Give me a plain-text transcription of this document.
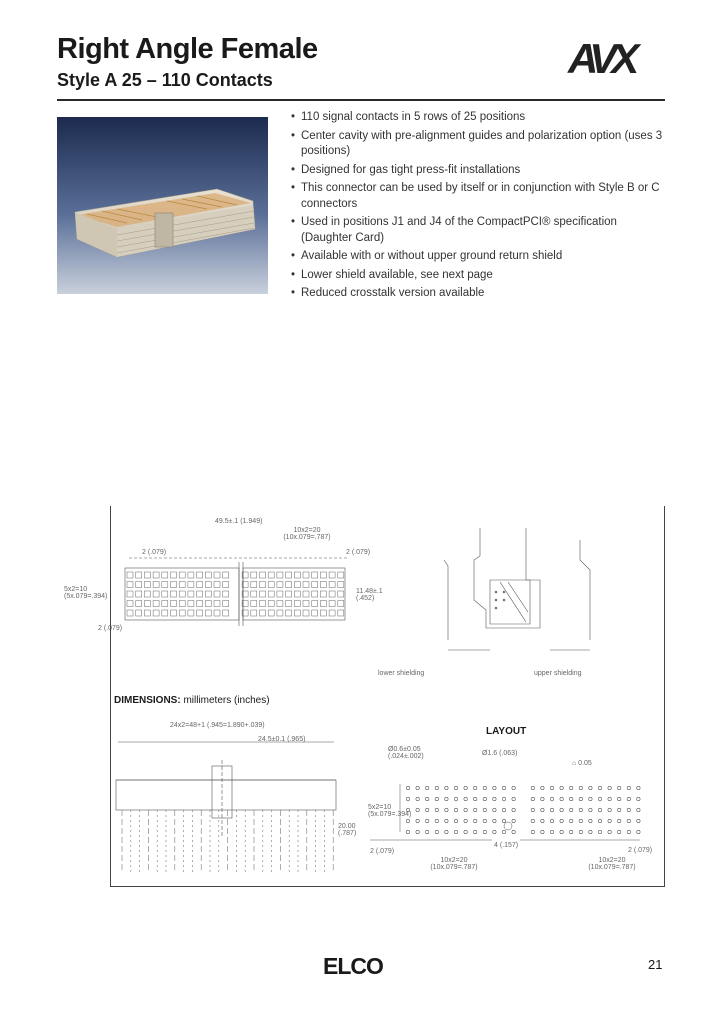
Right Angle Female
Style A 25 – 110 Contacts	AVX
• 110 signal contacts in 5 rows of 25 positions
• Center cavity with pre-alignment guides and polarization option (uses 3 positions)
• Designed for gas tight press-fit installations
• This connector can be used by itself or in conjunction with Style B or C connectors
• Used in positions J1 and J4 of the CompactPCI® specification (Daughter Card)
• Available with or without upper ground return shield
• Lower shield available, see next page
• Reduced crosstalk version available
DIMENSIONS: millimeters (inches)
LAYOUT
49.5±.1 (1.949)
10x2=20 (10x.079=.787)
2 (.079)	2 (.079)
5x2=10 (5x.079=.394)
2 (.079)
11.48±.1 (.452)
lower shielding	upper shielding
24x2=48+1 (.945=1.890+.039)
24.5±0.1 (.965)
20.00 (.787)
Ø0.6±0.05 (.024±.002)	Ø1.6 (.063)
⌂ 0.05
5x2=10 (5x.079=.394)
2 (.079)
10x2=20 (10x.079=.787)
4 (.157)
10x2=20 (10x.079=.787)
2 (.079)
ELCO	21
